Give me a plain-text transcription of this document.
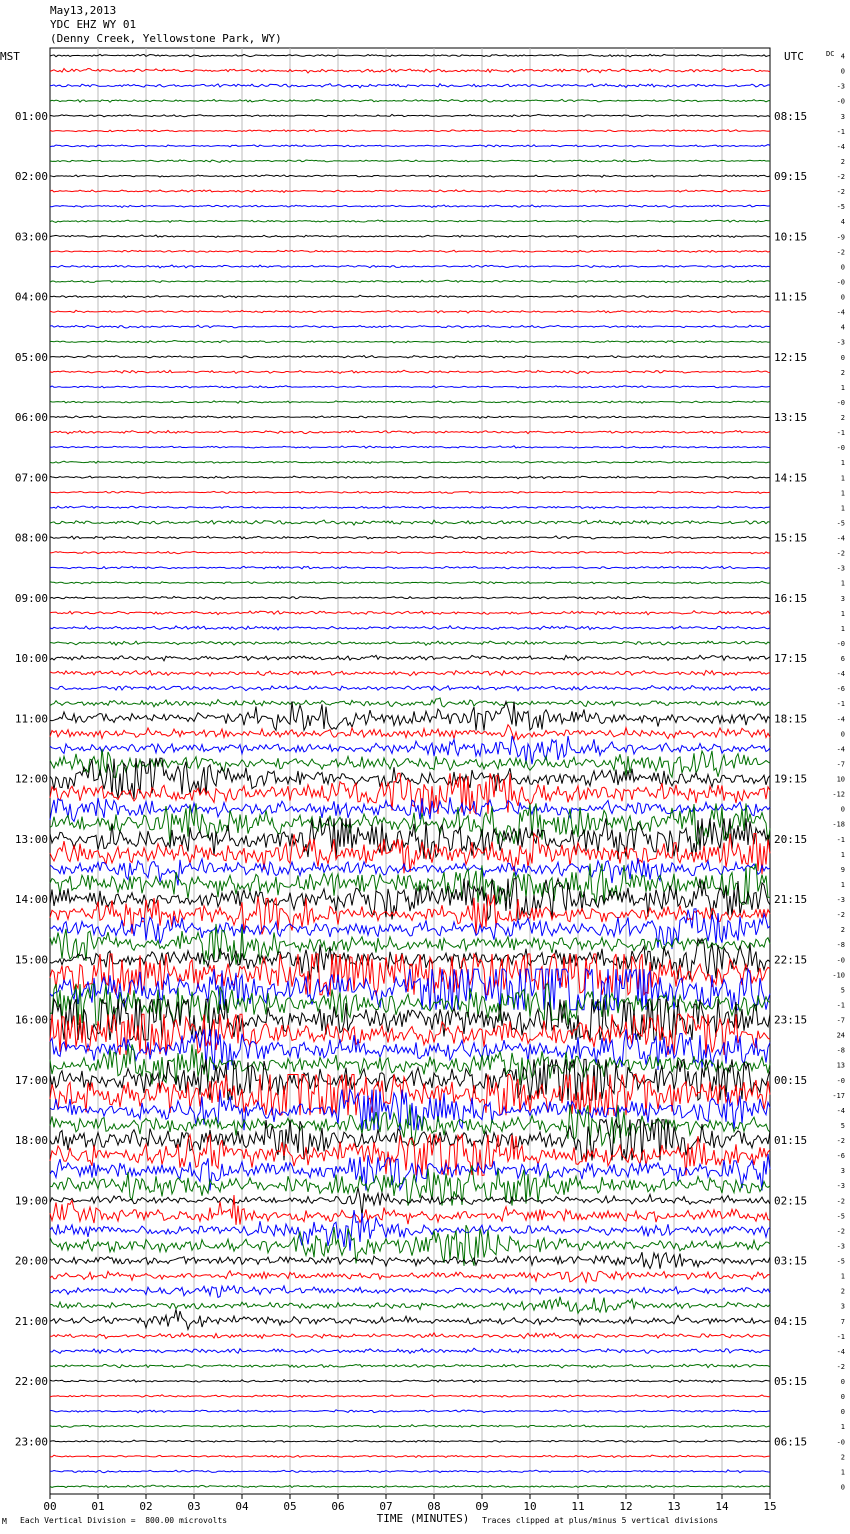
May13,2013
YDC EHZ WY 01
(Denny Creek, Yellowstone Park, WY)
01:00
02:00
03:00
04:00
05:00
06:00
07:00
08:00
09:00
10:00
11:00
12:00
13:00
14:00
15:00
16:00
17:00
18:00
19:00
20:00
21:00
22:00
23:00
08:15
09:15
10:15
11:15
12:15
13:15
14:15
15:15
16:15
17:15
18:15
19:15
20:15
21:15
22:15
23:15
00:15
01:15
02:15
03:15
04:15
05:15
06:15
4
0
-3
-0
3
-1
-4
2
-2
-2
-5
4
-9
-2
0
-0
0
-4
4
-3
0
2
1
-0
2
-1
-0
1
1
1
1
-5
-4
-2
-3
1
3
1
1
-0
6
-4
-6
-1
-4
0
-4
-7
10
-12
0
-18
-1
1
9
1
-3
-2
2
-8
-0
-10
5
-1
-7
24
-8
13
-0
-17
-4
5
-2
-6
3
-3
-2
-5
-2
-3
-5
1
2
3
7
-1
-4
-2
0
0
0
1
-0
2
1
0
MST	UTC	DC
00	01	02	03	04	05	06	07	08	09	10	11	12	13	14	15
TIME (MINUTES)
M Each Vertical Division =  800.00 microvolts	Traces clipped at plus/minus 5 vertical divisions
